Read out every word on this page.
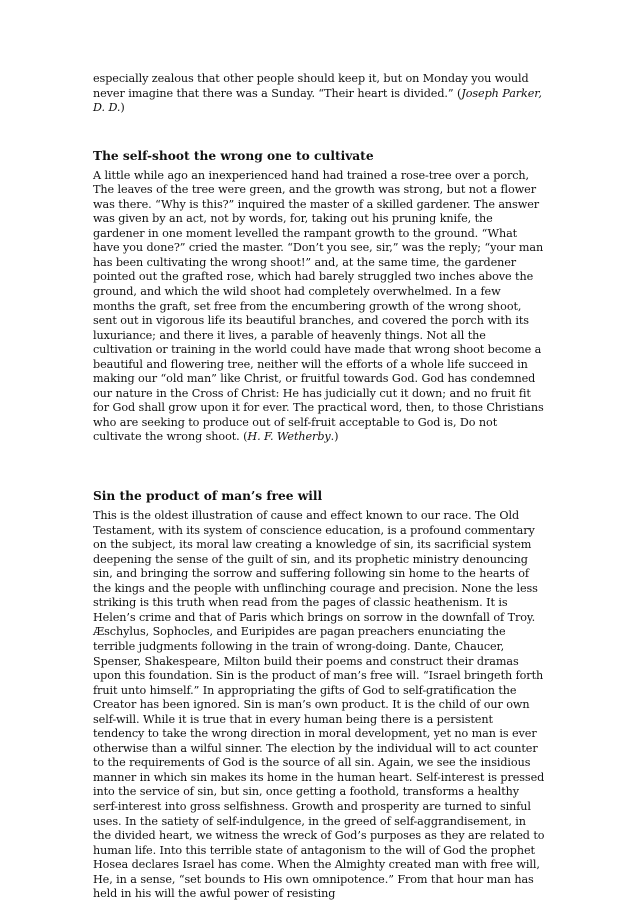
especially zealous that other people should keep it, but on Monday you would never imagine that there was a Sunday. “Their heart is divided.” (Joseph Parker, D. D.)

The self-shoot the wrong one to cultivate

A little while ago an inexperienced hand had trained a rose-tree over a porch, The leaves of the tree were green, and the growth was strong, but not a flower was there. “Why is this?” inquired the master of a skilled gardener. The answer was given by an act, not by words, for, taking out his pruning knife, the gardener in one moment levelled the rampant growth to the ground. “What have you done?” cried the master. “Don’t you see, sir,” was the reply; “your man has been cultivating the wrong shoot!” and, at the same time, the gardener pointed out the grafted rose, which had barely struggled two inches above the ground, and which the wild shoot had completely overwhelmed. In a few months the graft, set free from the encumbering growth of the wrong shoot, sent out in vigorous life its beautiful branches, and covered the porch with its luxuriance; and there it lives, a parable of heavenly things. Not all the cultivation or training in the world could have made that wrong shoot become a beautiful and flowering tree, neither will the efforts of a whole life succeed in making our “old man” like Christ, or fruitful towards God. God has condemned our nature in the Cross of Christ: He has judicially cut it down; and no fruit fit for God shall grow upon it for ever. The practical word, then, to those Christians who are seeking to produce out of self-fruit acceptable to God is, Do not cultivate the wrong shoot. (H. F. Wetherby.)

Sin the product of man’s free will

This is the oldest illustration of cause and effect known to our race. The Old Testament, with its system of conscience education, is a profound commentary on the subject, its moral law creating a knowledge of sin, its sacrificial system deepening the sense of the guilt of sin, and its prophetic ministry denouncing sin, and bringing the sorrow and suffering following sin home to the hearts of the kings and the people with unflinching courage and precision. None the less striking is this truth when read from the pages of classic heathenism. It is Helen’s crime and that of Paris which brings on sorrow in the downfall of Troy. Æschylus, Sophocles, and Euripides are pagan preachers enunciating the terrible judgments following in the train of wrong-doing. Dante, Chaucer, Spenser, Shakespeare, Milton build their poems and construct their dramas upon this foundation. Sin is the product of man’s free will. “Israel bringeth forth fruit unto himself.” In appropriating the gifts of God to self-gratification the Creator has been ignored. Sin is man’s own product. It is the child of our own self-will. While it is true that in every human being there is a persistent tendency to take the wrong direction in moral development, yet no man is ever otherwise than a wilful sinner. The election by the individual will to act counter to the requirements of God is the source of all sin. Again, we see the insidious manner in which sin makes its home in the human heart. Self-interest is pressed into the service of sin, but sin, once getting a foothold, transforms a healthy serf-interest into gross selfishness. Growth and prosperity are turned to sinful uses. In the satiety of self-indulgence, in the greed of self-aggrandisement, in the divided heart, we witness the wreck of God’s purposes as they are related to human life. Into this terrible state of antagonism to the will of God the prophet Hosea declares Israel has come. When the Almighty created man with free will, He, in a sense, “set bounds to His own omnipotence.” From that hour man has held in his will the awful power of resisting
